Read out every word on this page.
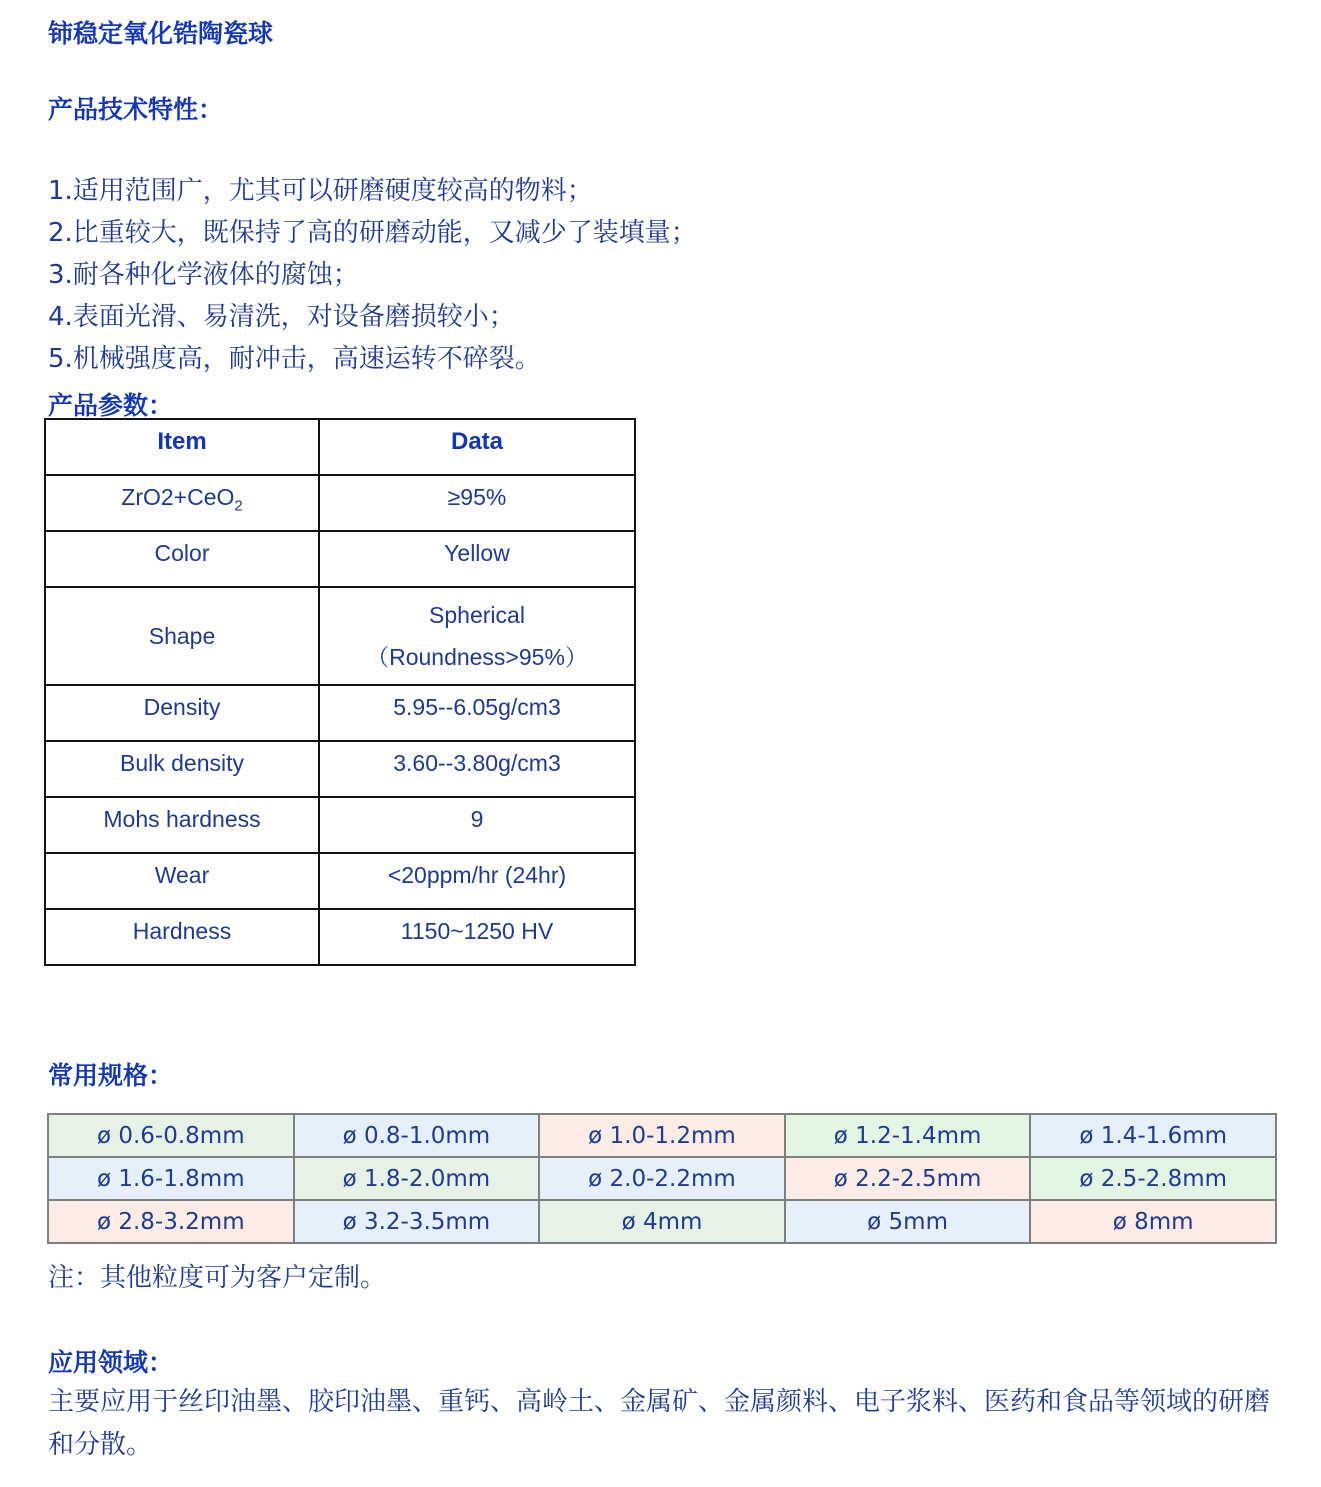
铈稳定氧化锆陶瓷球
产品技术特性：
1.适用范围广，尤其可以研磨硬度较高的物料；
2.比重较大，既保持了高的研磨动能，又减少了装填量；
3.耐各种化学液体的腐蚀；
4.表面光滑、易清洗，对设备磨损较小；
5.机械强度高，耐冲击，高速运转不碎裂。
产品参数：
Item	Data
ZrO2+CeO$_2$	≥95%
Color	Yellow
Shape	Spherical
（Roundness>95%）

Density	5.95--6.05g/cm3
Bulk density	3.60--3.80g/cm3
Mohs hardness	9
Wear	<20ppm/hr (24hr)
Hardness	1150~1250 HV
常用规格：
ø 0.6-0.8mm	ø 0.8-1.0mm	ø 1.0-1.2mm	ø 1.2-1.4mm	ø 1.4-1.6mm
ø 1.6-1.8mm	ø 1.8-2.0mm	ø 2.0-2.2mm	ø 2.2-2.5mm	ø 2.5-2.8mm
ø 2.8-3.2mm	ø 3.2-3.5mm	ø 4mm	ø 5mm	ø 8mm
注：其他粒度可为客户定制。
应用领域：
主要应用于丝印油墨、胶印油墨、重钙、高岭土、金属矿、金属颜料、电子浆料、医药和食品等领域的研磨和分散。
